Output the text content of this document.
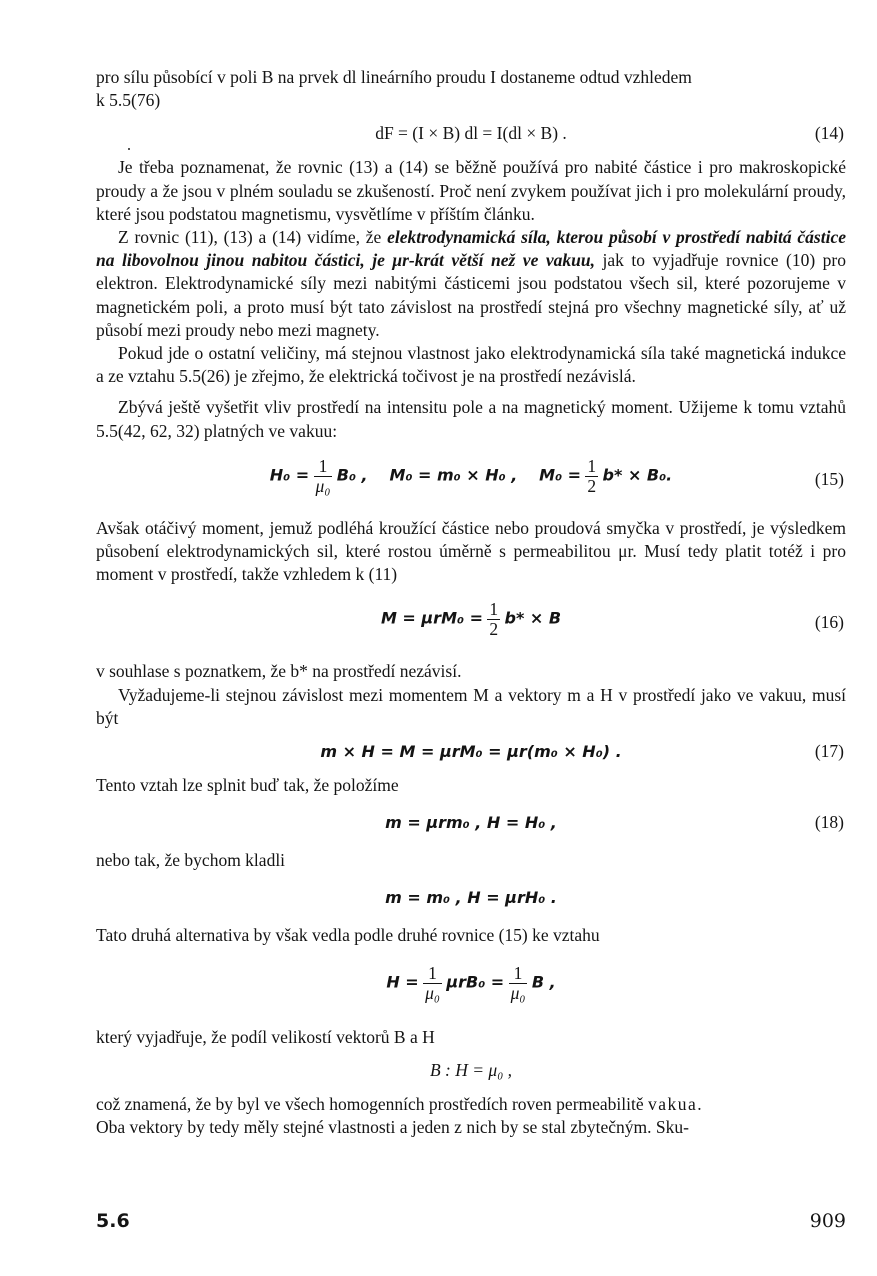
pro sílu působící v poli B na prvek dl lineárního proudu I dostaneme odtud vzhledem

k 5.5(76)

dF = (I × B) dl = I(dl × B) .	(14)

Je třeba poznamenat, že rovnic (13) a (14) se běžně používá pro nabité částice i pro makroskopické proudy a že jsou v plném souladu se zkušeností. Proč není zvykem používat jich i pro molekulární proudy, které jsou podstatou magnetismu, vysvětlíme v příštím článku.

Z rovnic (11), (13) a (14) vidíme, že elektrodynamická síla, kterou působí v prostředí nabitá částice na libovolnou jinou nabitou částici, je μr-krát větší než ve vakuu, jak to vyjadřuje rovnice (10) pro elektron. Elektrodynamické síly mezi nabitými částicemi jsou podstatou všech sil, které pozorujeme v magnetickém poli, a proto musí být tato závislost na prostředí stejná pro všechny magnetické síly, ať už působí mezi proudy nebo mezi magnety.

Pokud jde o ostatní veličiny, má stejnou vlastnost jako elektrodynamická síla také magnetická indukce a ze vztahu 5.5(26) je zřejmo, že elektrická točivost je na prostředí nezávislá.

Zbývá ještě vyšetřit vliv prostředí na intensitu pole a na magnetický moment. Užijeme k tomu vztahů 5.5(42, 62, 32) platných ve vakuu:

$H_0 = \frac{1}{\text{μ₀}} B_0$ , M₀ = m₀ × H₀ , $M_0 = \frac{1}{2} b* \times B_0$.	(15)

Avšak otáčivý moment, jemuž podléhá kroužící částice nebo proudová smyčka v prostředí, je výsledkem působení elektrodynamických sil, které rostou úměrně s permeabilitou μr. Musí tedy platit totéž i pro moment v prostředí, takže vzhledem k (11)

$M = \mu rM_0 = \frac{1}{2} b* \times B$	(16)

v souhlase s poznatkem, že b* na prostředí nezávisí.

Vyžadujeme-li stejnou závislost mezi momentem M a vektory m a H v prostředí jako ve vakuu, musí být

m × H = M = μrM₀ = μr(m₀ × H₀) .	(17)

Tento vztah lze splnit buď tak, že položíme

m = μrm₀ , H = H₀ ,	(18)

nebo tak, že bychom kladli

m = m₀ , H = μrH₀ .

Tato druhá alternativa by však vedla podle druhé rovnice (15) ke vztahu

$H = \frac{1}{\text{μ₀}} \mu rB_0 = \frac{1}{\text{μ₀}}$ B ,

který vyjadřuje, že podíl velikostí vektorů B a H

B : H = μ₀ ,

což znamená, že by byl ve všech homogenních prostředích roven permeabilitě vakua.

Oba vektory by tedy měly stejné vlastnosti a jeden z nich by se stal zbytečným. Sku-

5.6	909
